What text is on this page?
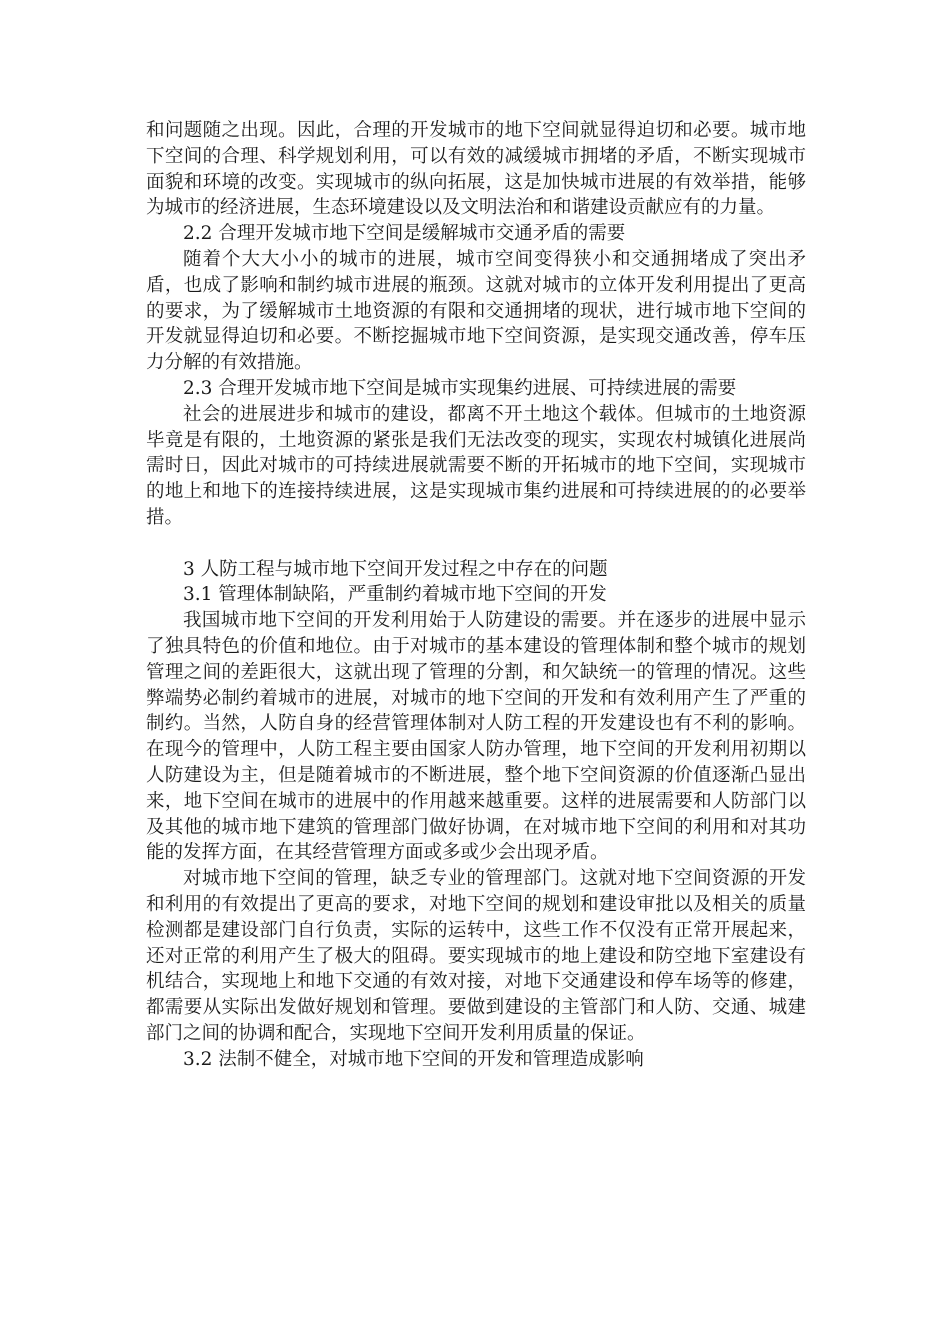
和问题随之出现。因此，合理的开发城市的地下空间就显得迫切和必要。城市地下空间的合理、科学规划利用，可以有效的减缓城市拥堵的矛盾，不断实现城市面貌和环境的改变。实现城市的纵向拓展，这是加快城市进展的有效举措，能够为城市的经济进展，生态环境建设以及文明法治和和谐建设贡献应有的力量。

2.2 合理开发城市地下空间是缓解城市交通矛盾的需要

随着个大大小小的城市的进展，城市空间变得狭小和交通拥堵成了突出矛盾，也成了影响和制约城市进展的瓶颈。这就对城市的立体开发利用提出了更高的要求，为了缓解城市土地资源的有限和交通拥堵的现状，进行城市地下空间的开发就显得迫切和必要。不断挖掘城市地下空间资源，是实现交通改善，停车压力分解的有效措施。

2.3 合理开发城市地下空间是城市实现集约进展、可持续进展的需要

社会的进展进步和城市的建设，都离不开土地这个载体。但城市的土地资源毕竟是有限的，土地资源的紧张是我们无法改变的现实，实现农村城镇化进展尚需时日，因此对城市的可持续进展就需要不断的开拓城市的地下空间，实现城市的地上和地下的连接持续进展，这是实现城市集约进展和可持续进展的的必要举措。

3 人防工程与城市地下空间开发过程之中存在的问题

3.1 管理体制缺陷，严重制约着城市地下空间的开发

我国城市地下空间的开发利用始于人防建设的需要。并在逐步的进展中显示了独具特色的价值和地位。由于对城市的基本建设的管理体制和整个城市的规划管理之间的差距很大，这就出现了管理的分割，和欠缺统一的管理的情况。这些弊端势必制约着城市的进展，对城市的地下空间的开发和有效利用产生了严重的制约。当然，人防自身的经营管理体制对人防工程的开发建设也有不利的影响。在现今的管理中，人防工程主要由国家人防办管理，地下空间的开发利用初期以人防建设为主，但是随着城市的不断进展，整个地下空间资源的价值逐渐凸显出来，地下空间在城市的进展中的作用越来越重要。这样的进展需要和人防部门以及其他的城市地下建筑的管理部门做好协调，在对城市地下空间的利用和对其功能的发挥方面，在其经营管理方面或多或少会出现矛盾。

对城市地下空间的管理，缺乏专业的管理部门。这就对地下空间资源的开发和利用的有效提出了更高的要求，对地下空间的规划和建设审批以及相关的质量检测都是建设部门自行负责，实际的运转中，这些工作不仅没有正常开展起来，还对正常的利用产生了极大的阻碍。要实现城市的地上建设和防空地下室建设有机结合，实现地上和地下交通的有效对接，对地下交通建设和停车场等的修建，都需要从实际出发做好规划和管理。要做到建设的主管部门和人防、交通、城建部门之间的协调和配合，实现地下空间开发利用质量的保证。

3.2 法制不健全，对城市地下空间的开发和管理造成影响
